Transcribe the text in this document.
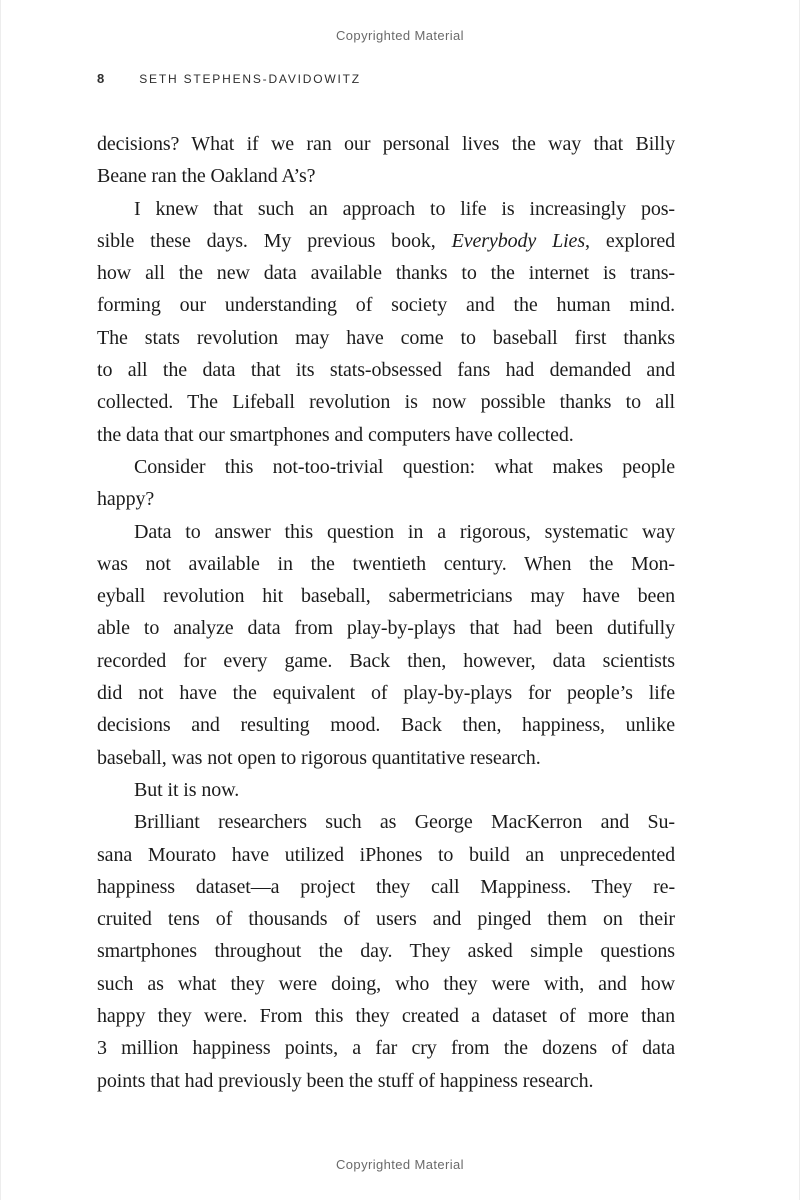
Copyrighted Material
8	SETH STEPHENS-DAVIDOWITZ
decisions? What if we ran our personal lives the way that Billy
Beane ran the Oakland A’s?
I knew that such an approach to life is increasingly pos-
sible these days. My previous book, Everybody Lies, explored
how all the new data available thanks to the internet is trans-
forming our understanding of society and the human mind.
The stats revolution may have come to baseball first thanks
to all the data that its stats-obsessed fans had demanded and
collected. The Lifeball revolution is now possible thanks to all
the data that our smartphones and computers have collected.
Consider this not-too-trivial question: what makes people
happy?
Data to answer this question in a rigorous, systematic way
was not available in the twentieth century. When the Mon-
eyball revolution hit baseball, sabermetricians may have been
able to analyze data from play-by-plays that had been dutifully
recorded for every game. Back then, however, data scientists
did not have the equivalent of play-by-plays for people’s life
decisions and resulting mood. Back then, happiness, unlike
baseball, was not open to rigorous quantitative research.
But it is now.
Brilliant researchers such as George MacKerron and Su-
sana Mourato have utilized iPhones to build an unprecedented
happiness dataset—a project they call Mappiness. They re-
cruited tens of thousands of users and pinged them on their
smartphones throughout the day. They asked simple questions
such as what they were doing, who they were with, and how
happy they were. From this they created a dataset of more than
3 million happiness points, a far cry from the dozens of data
points that had previously been the stuff of happiness research.
Copyrighted Material
